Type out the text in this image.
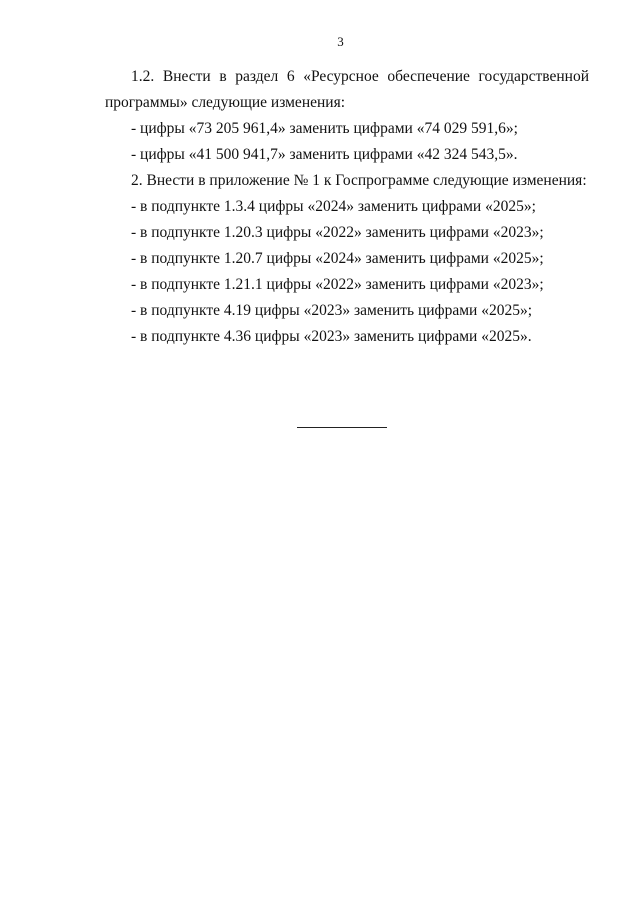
3

1.2. Внести в раздел 6 «Ресурсное обеспечение государственной программы» следующие изменения:

- цифры «73 205 961,4» заменить цифрами «74 029 591,6»;

- цифры «41 500 941,7» заменить цифрами «42 324 543,5».

2. Внести в приложение № 1 к Госпрограмме следующие изменения:

- в подпункте 1.3.4 цифры «2024» заменить цифрами «2025»;

- в подпункте 1.20.3 цифры «2022» заменить цифрами «2023»;

- в подпункте 1.20.7 цифры «2024» заменить цифрами «2025»;

- в подпункте 1.21.1 цифры «2022» заменить цифрами «2023»;

- в подпункте 4.19 цифры «2023» заменить цифрами «2025»;

- в подпункте 4.36 цифры «2023» заменить цифрами «2025».
